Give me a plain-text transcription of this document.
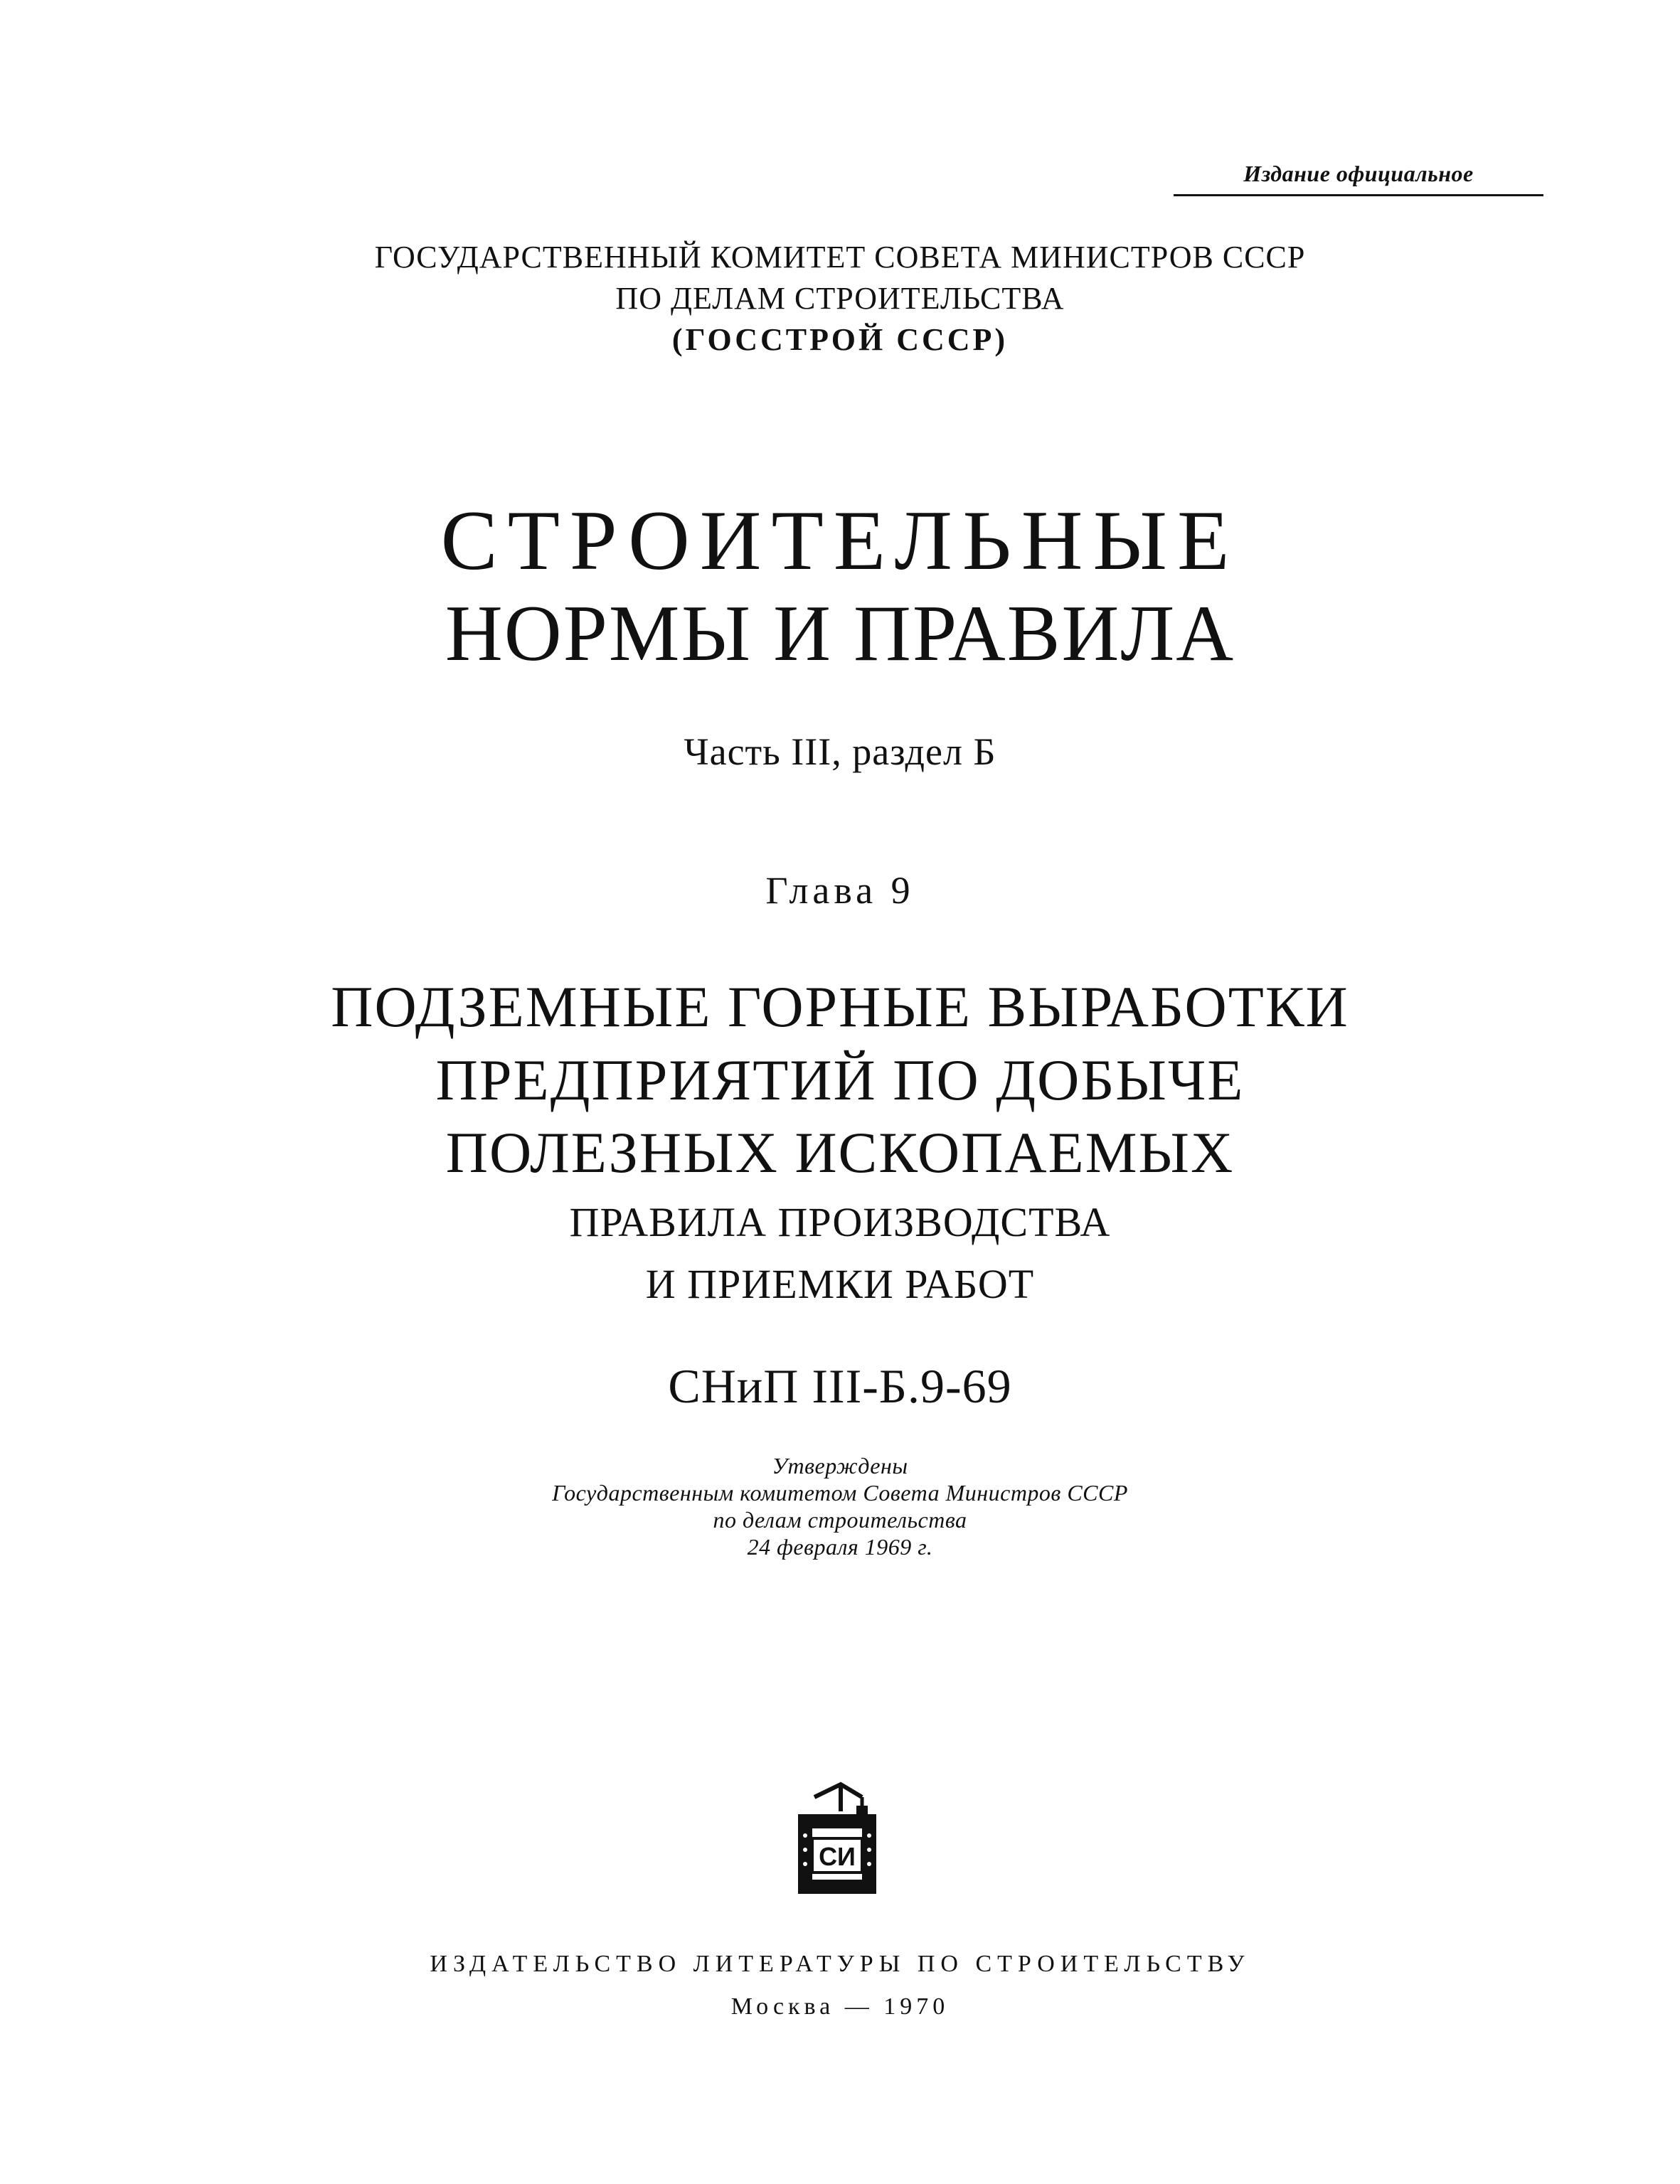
Издание официальное
ГОСУДАРСТВЕННЫЙ КОМИТЕТ СОВЕТА МИНИСТРОВ СССР
ПО ДЕЛАМ СТРОИТЕЛЬСТВА
(ГОССТРОЙ СССР)
СТРОИТЕЛЬНЫЕ
НОРМЫ И ПРАВИЛА
Часть III, раздел Б
Глава 9
ПОДЗЕМНЫЕ ГОРНЫЕ ВЫРАБОТКИ
ПРЕДПРИЯТИЙ ПО ДОБЫЧЕ
ПОЛЕЗНЫХ ИСКОПАЕМЫХ
ПРАВИЛА ПРОИЗВОДСТВА
И ПРИЕМКИ РАБОТ
СНиП III-Б.9-69
Утверждены
Государственным комитетом Совета Министров СССР
по делам строительства
24 февраля 1969 г.
СИ
ИЗДАТЕЛЬСТВО ЛИТЕРАТУРЫ ПО СТРОИТЕЛЬСТВУ
Москва — 1970
